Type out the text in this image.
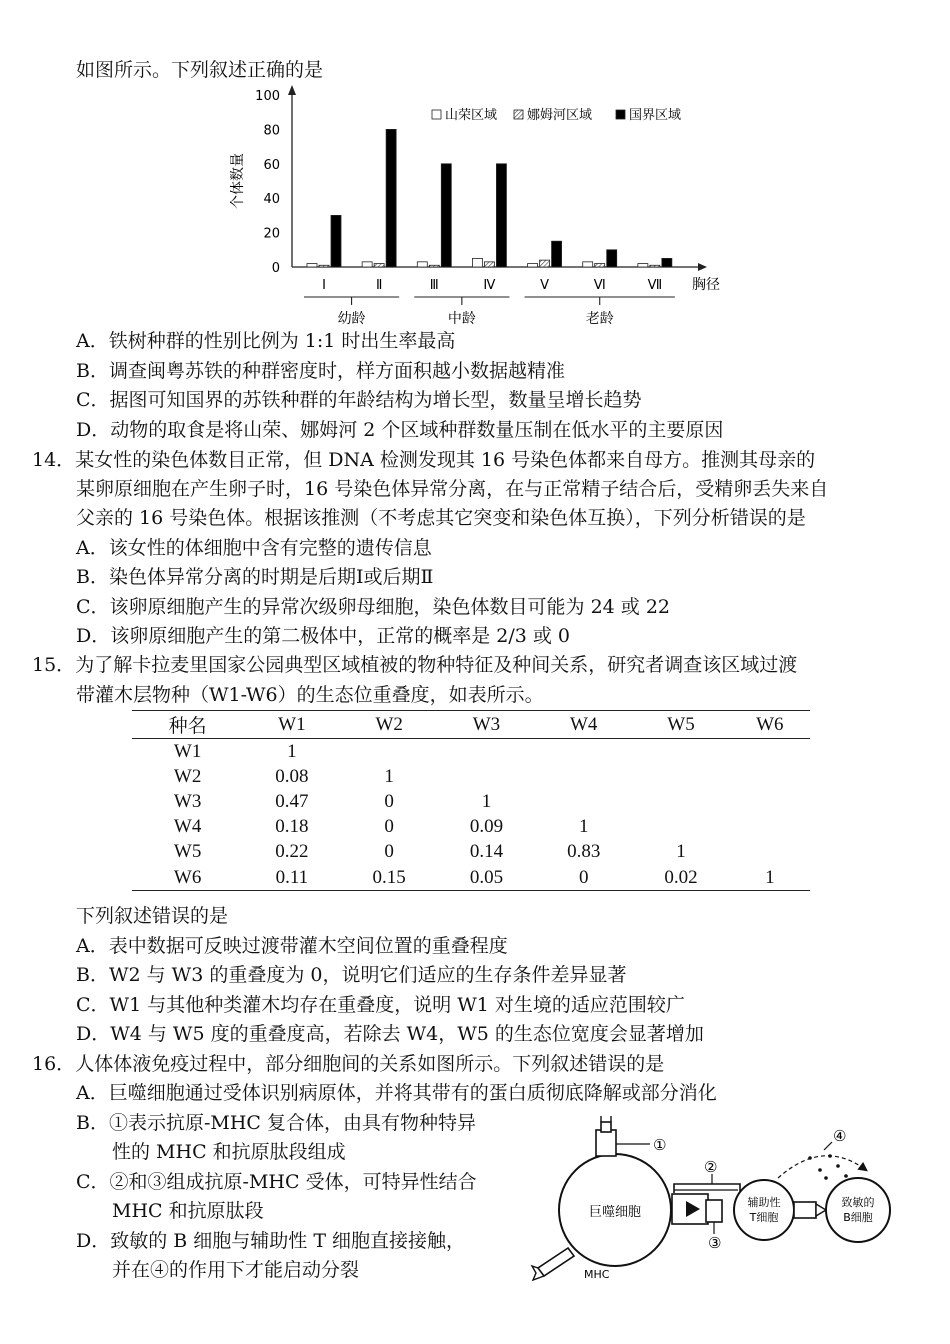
如图所示。下列叙述正确的是
0
20
40
60
80
100
个体数量
Ⅰ	Ⅱ	Ⅲ	Ⅳ	Ⅴ	Ⅵ	Ⅶ 胸径
幼龄	中龄	老龄
山荣区域 娜姆河区域	国界区域
A．铁树种群的性别比例为 1:1 时出生率最高
B．调查闽粤苏铁的种群密度时，样方面积越小数据越精准
C．据图可知国界的苏铁种群的年龄结构为增长型，数量呈增长趋势
D．动物的取食是将山荣、娜姆河 2 个区域种群数量压制在低水平的主要原因
14．某女性的染色体数目正常，但 DNA 检测发现其 16 号染色体都来自母方。推测其母亲的
某卵原细胞在产生卵子时，16 号染色体异常分离，在与正常精子结合后，受精卵丢失来自
父亲的 16 号染色体。根据该推测（不考虑其它突变和染色体互换），下列分析错误的是
A．该女性的体细胞中含有完整的遗传信息
B．染色体异常分离的时期是后期Ⅰ或后期Ⅱ
C．该卵原细胞产生的异常次级卵母细胞，染色体数目可能为 24 或 22
D．该卵原细胞产生的第二极体中，正常的概率是 2/3 或 0
15．为了解卡拉麦里国家公园典型区域植被的物种特征及种间关系，研究者调查该区域过渡
带灌木层物种（W1-W6）的生态位重叠度，如表所示。
种名	W1	W2	W3	W4	W5	W6
W1	1					
W2	0.08	1				
W3	0.47	0	1			
W4	0.18	0	0.09	1		
W5	0.22	0	0.14	0.83	1	
W6	0.11	0.15	0.05	0	0.02	1
下列叙述错误的是
A．表中数据可反映过渡带灌木空间位置的重叠程度
B．W2 与 W3 的重叠度为 0，说明它们适应的生存条件差异显著
C．W1 与其他种类灌木均存在重叠度，说明 W1 对生境的适应范围较广
D．W4 与 W5 度的重叠度高，若除去 W4，W5 的生态位宽度会显著增加
16．人体体液免疫过程中，部分细胞间的关系如图所示。下列叙述错误的是
A．巨噬细胞通过受体识别病原体，并将其带有的蛋白质彻底降解或部分消化
B．①表示抗原-MHC 复合体，由具有物种特异
性的 MHC 和抗原肽段组成
C．②和③组成抗原-MHC 受体，可特异性结合
MHC 和抗原肽段
D．致敏的 B 细胞与辅助性 T 细胞直接接触，
并在④的作用下才能启动分裂
巨噬细胞
①
MHC
②
③
辅助性
T细胞
致敏的
B细胞
④
